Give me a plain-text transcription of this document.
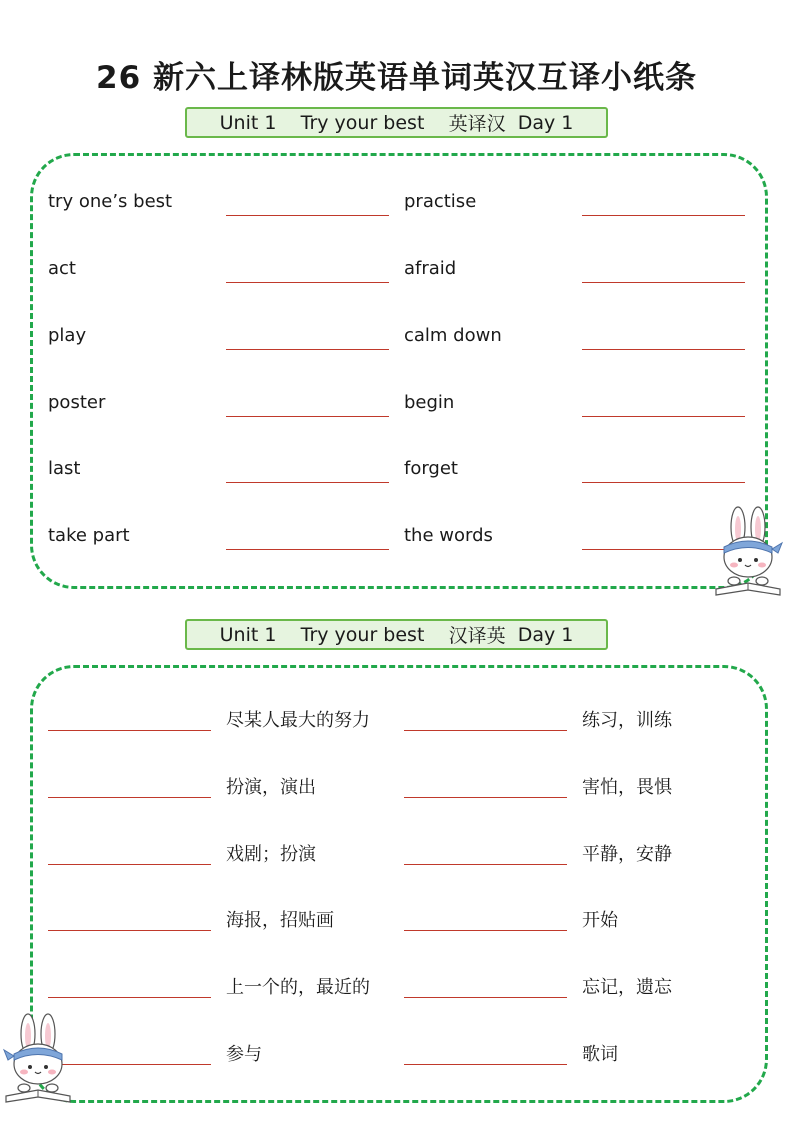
26 新六上译林版英语单词英汉互译小纸条
Unit 1
Try your best
英译汉
Day 1
try one’s best	practise
act	afraid
play	calm down
poster	begin
last	forget
take part	the words
Unit 1
Try your best
汉译英
Day 1
尽某人最大的努力	练习，训练
扮演，演出	害怕，畏惧
戏剧；扮演	平静，安静
海报，招贴画	开始
上一个的，最近的	忘记，遗忘
参与	歌词
